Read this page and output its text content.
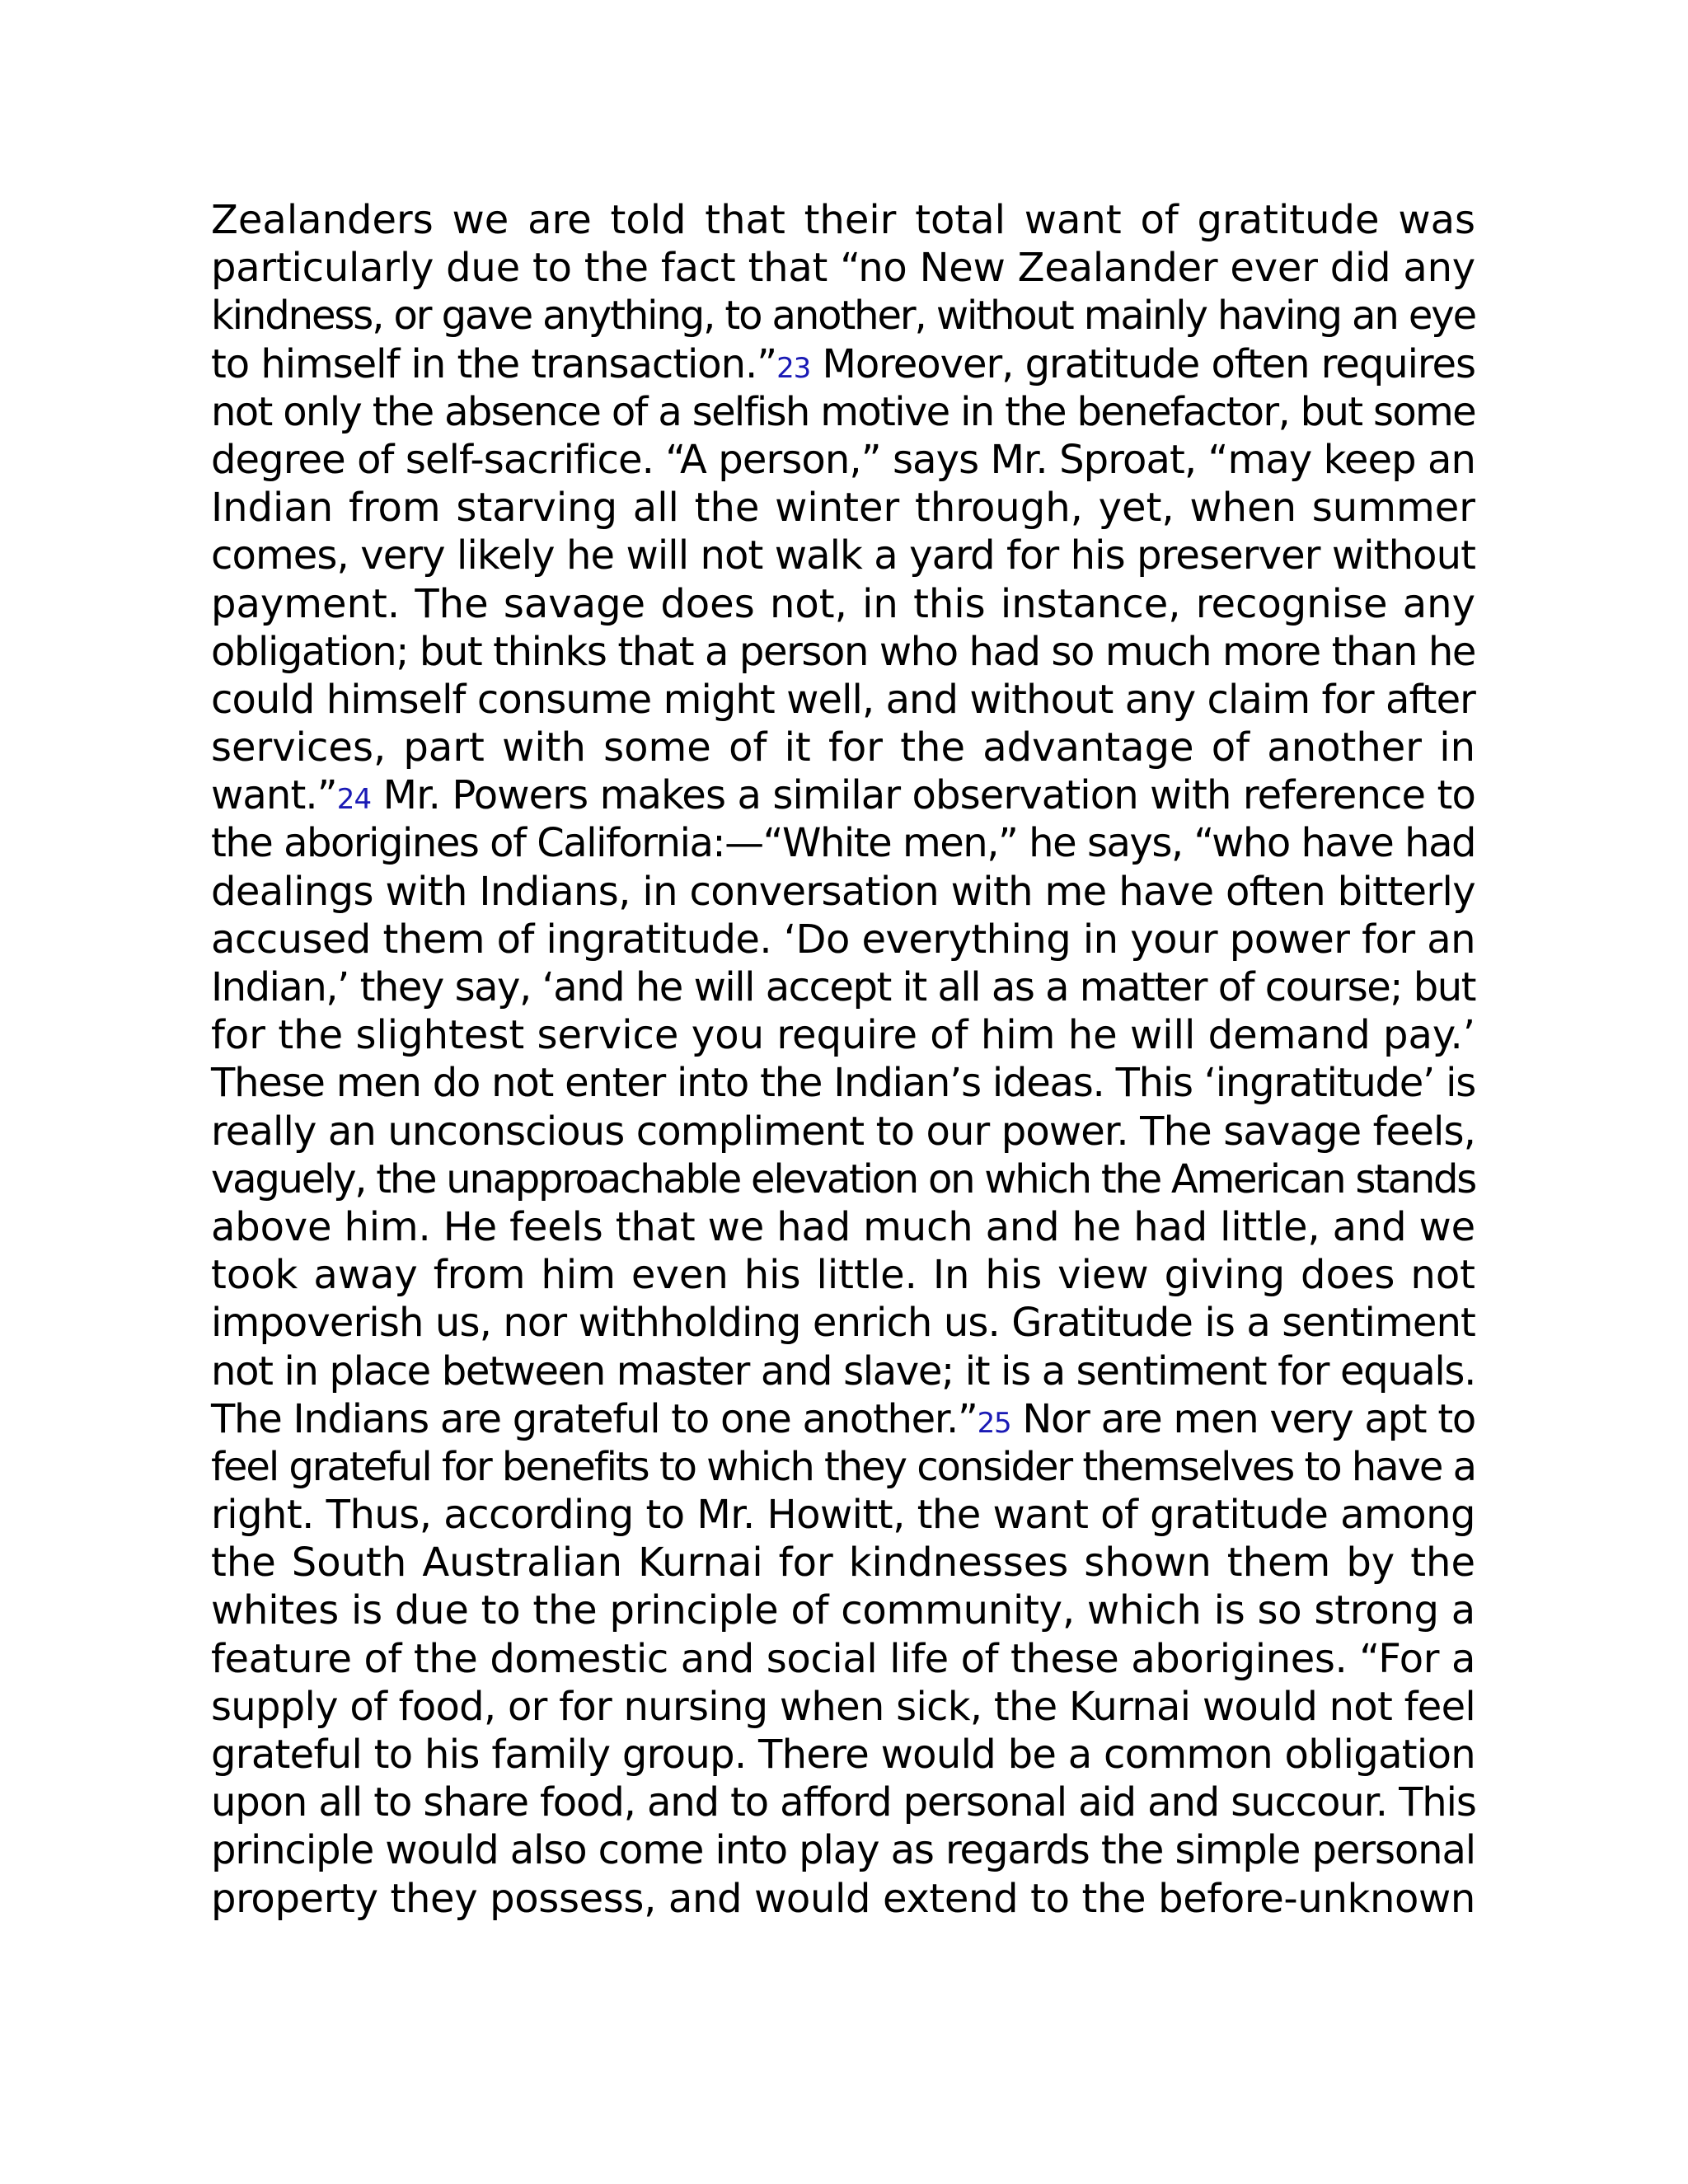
Zealanders we are told that their total want of gratitude was
particularly due to the fact that “no New Zealander ever did any
kindness, or gave anything, to another, without mainly having an eye
to himself in the transaction.”23 Moreover, gratitude often requires
not only the absence of a selfish motive in the benefactor, but some
degree of self-sacrifice. “A person,” says Mr. Sproat, “may keep an
Indian from starving all the winter through, yet, when summer
comes, very likely he will not walk a yard for his preserver without
payment. The savage does not, in this instance, recognise any
obligation; but thinks that a person who had so much more than he
could himself consume might well, and without any claim for after
services, part with some of it for the advantage of another in
want.”24 Mr. Powers makes a similar observation with reference to
the aborigines of California:—“White men,” he says, “who have had
dealings with Indians, in conversation with me have often bitterly
accused them of ingratitude. ‘Do everything in your power for an
Indian,’ they say, ‘and he will accept it all as a matter of course; but
for the slightest service you require of him he will demand pay.’
These men do not enter into the Indian’s ideas. This ‘ingratitude’ is
really an unconscious compliment to our power. The savage feels,
vaguely, the unapproachable elevation on which the American stands
above him. He feels that we had much and he had little, and we
took away from him even his little. In his view giving does not
impoverish us, nor withholding enrich us. Gratitude is a sentiment
not in place between master and slave; it is a sentiment for equals.
The Indians are grateful to one another.”25 Nor are men very apt to
feel grateful for benefits to which they consider themselves to have a
right. Thus, according to Mr. Howitt, the want of gratitude among
the South Australian Kurnai for kindnesses shown them by the
whites is due to the principle of community, which is so strong a
feature of the domestic and social life of these aborigines. “For a
supply of food, or for nursing when sick, the Kurnai would not feel
grateful to his family group. There would be a common obligation
upon all to share food, and to afford personal aid and succour. This
principle would also come into play as regards the simple personal
property they possess, and would extend to the before-unknown
